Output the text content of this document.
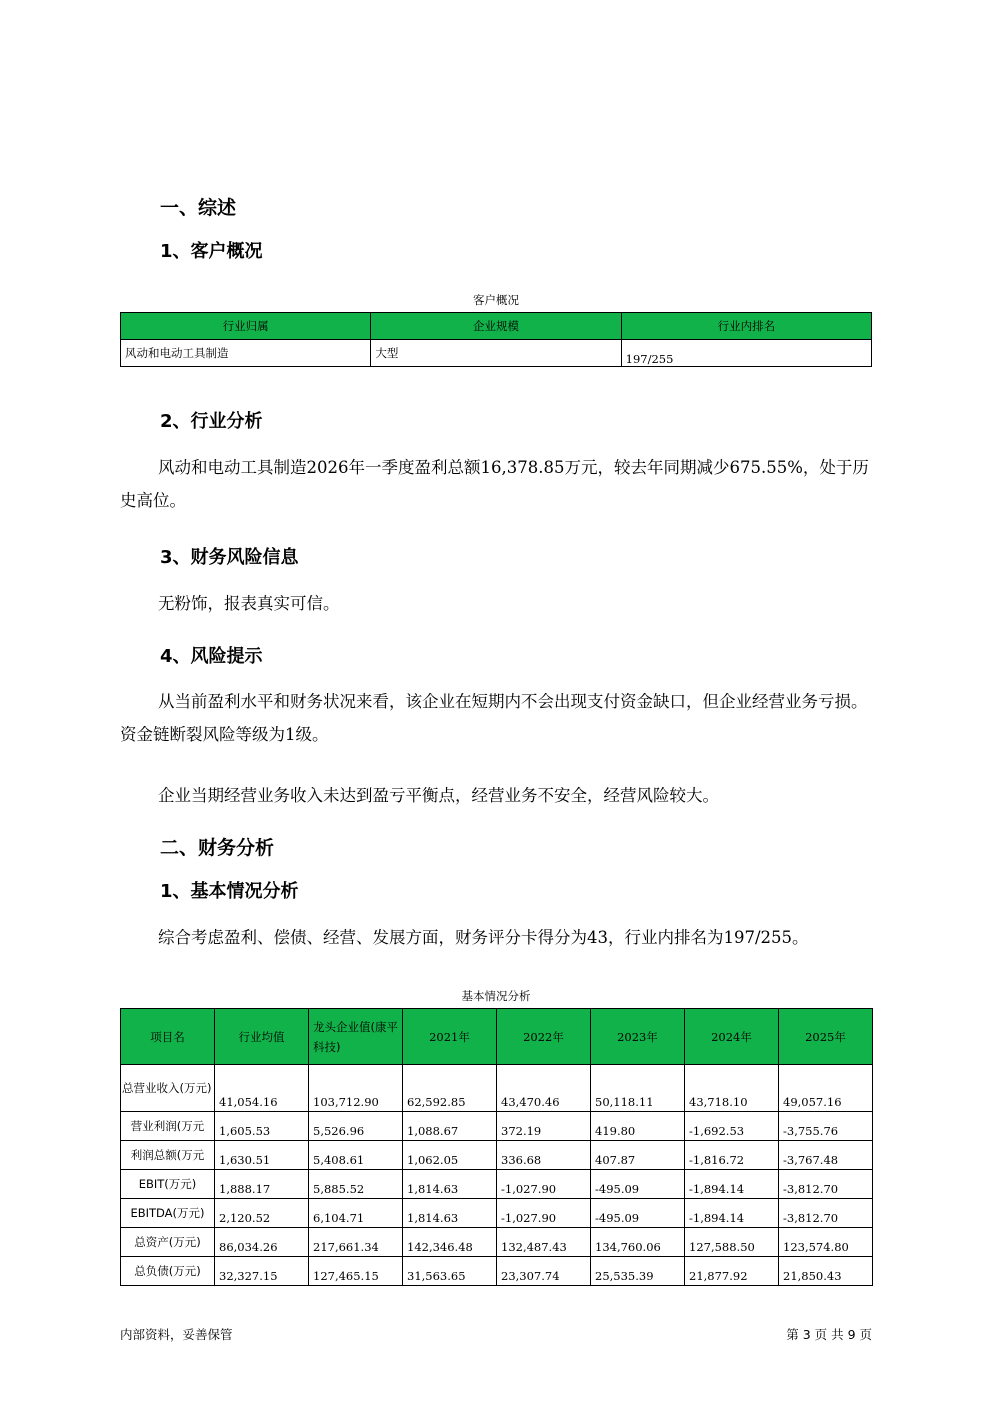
一、综述
1、客户概况
客户概况
行业归属	企业规模	行业内排名
风动和电动工具制造	大型	197/255
2、行业分析

风动和电动工具制造2026年一季度盈利总额16,378.85万元，较去年同期减少675.55%，处于历史高位。

3、财务风险信息

无粉饰，报表真实可信。

4、风险提示

从当前盈利水平和财务状况来看，该企业在短期内不会出现支付资金缺口，但企业经营业务亏损。资金链断裂风险等级为1级。

企业当期经营业务收入未达到盈亏平衡点，经营业务不安全，经营风险较大。

二、财务分析
1、基本情况分析

综合考虑盈利、偿债、经营、发展方面，财务评分卡得分为43，行业内排名为197/255。

基本情况分析
项目名	行业均值	龙头企业值(康平科技)	2021年	2022年	2023年	2024年	2025年
总营业收入(万元)	41,054.16	103,712.90	62,592.85	43,470.46	50,118.11	43,718.10	49,057.16
营业利润(万元	1,605.53	5,526.96	1,088.67	372.19	419.80	-1,692.53	-3,755.76
利润总额(万元	1,630.51	5,408.61	1,062.05	336.68	407.87	-1,816.72	-3,767.48
EBIT(万元)	1,888.17	5,885.52	1,814.63	-1,027.90	-495.09	-1,894.14	-3,812.70
EBITDA(万元)	2,120.52	6,104.71	1,814.63	-1,027.90	-495.09	-1,894.14	-3,812.70
总资产(万元)	86,034.26	217,661.34	142,346.48	132,487.43	134,760.06	127,588.50	123,574.80
总负债(万元)	32,327.15	127,465.15	31,563.65	23,307.74	25,535.39	21,877.92	21,850.43
内部资料，妥善保管	第 3 页 共 9 页
